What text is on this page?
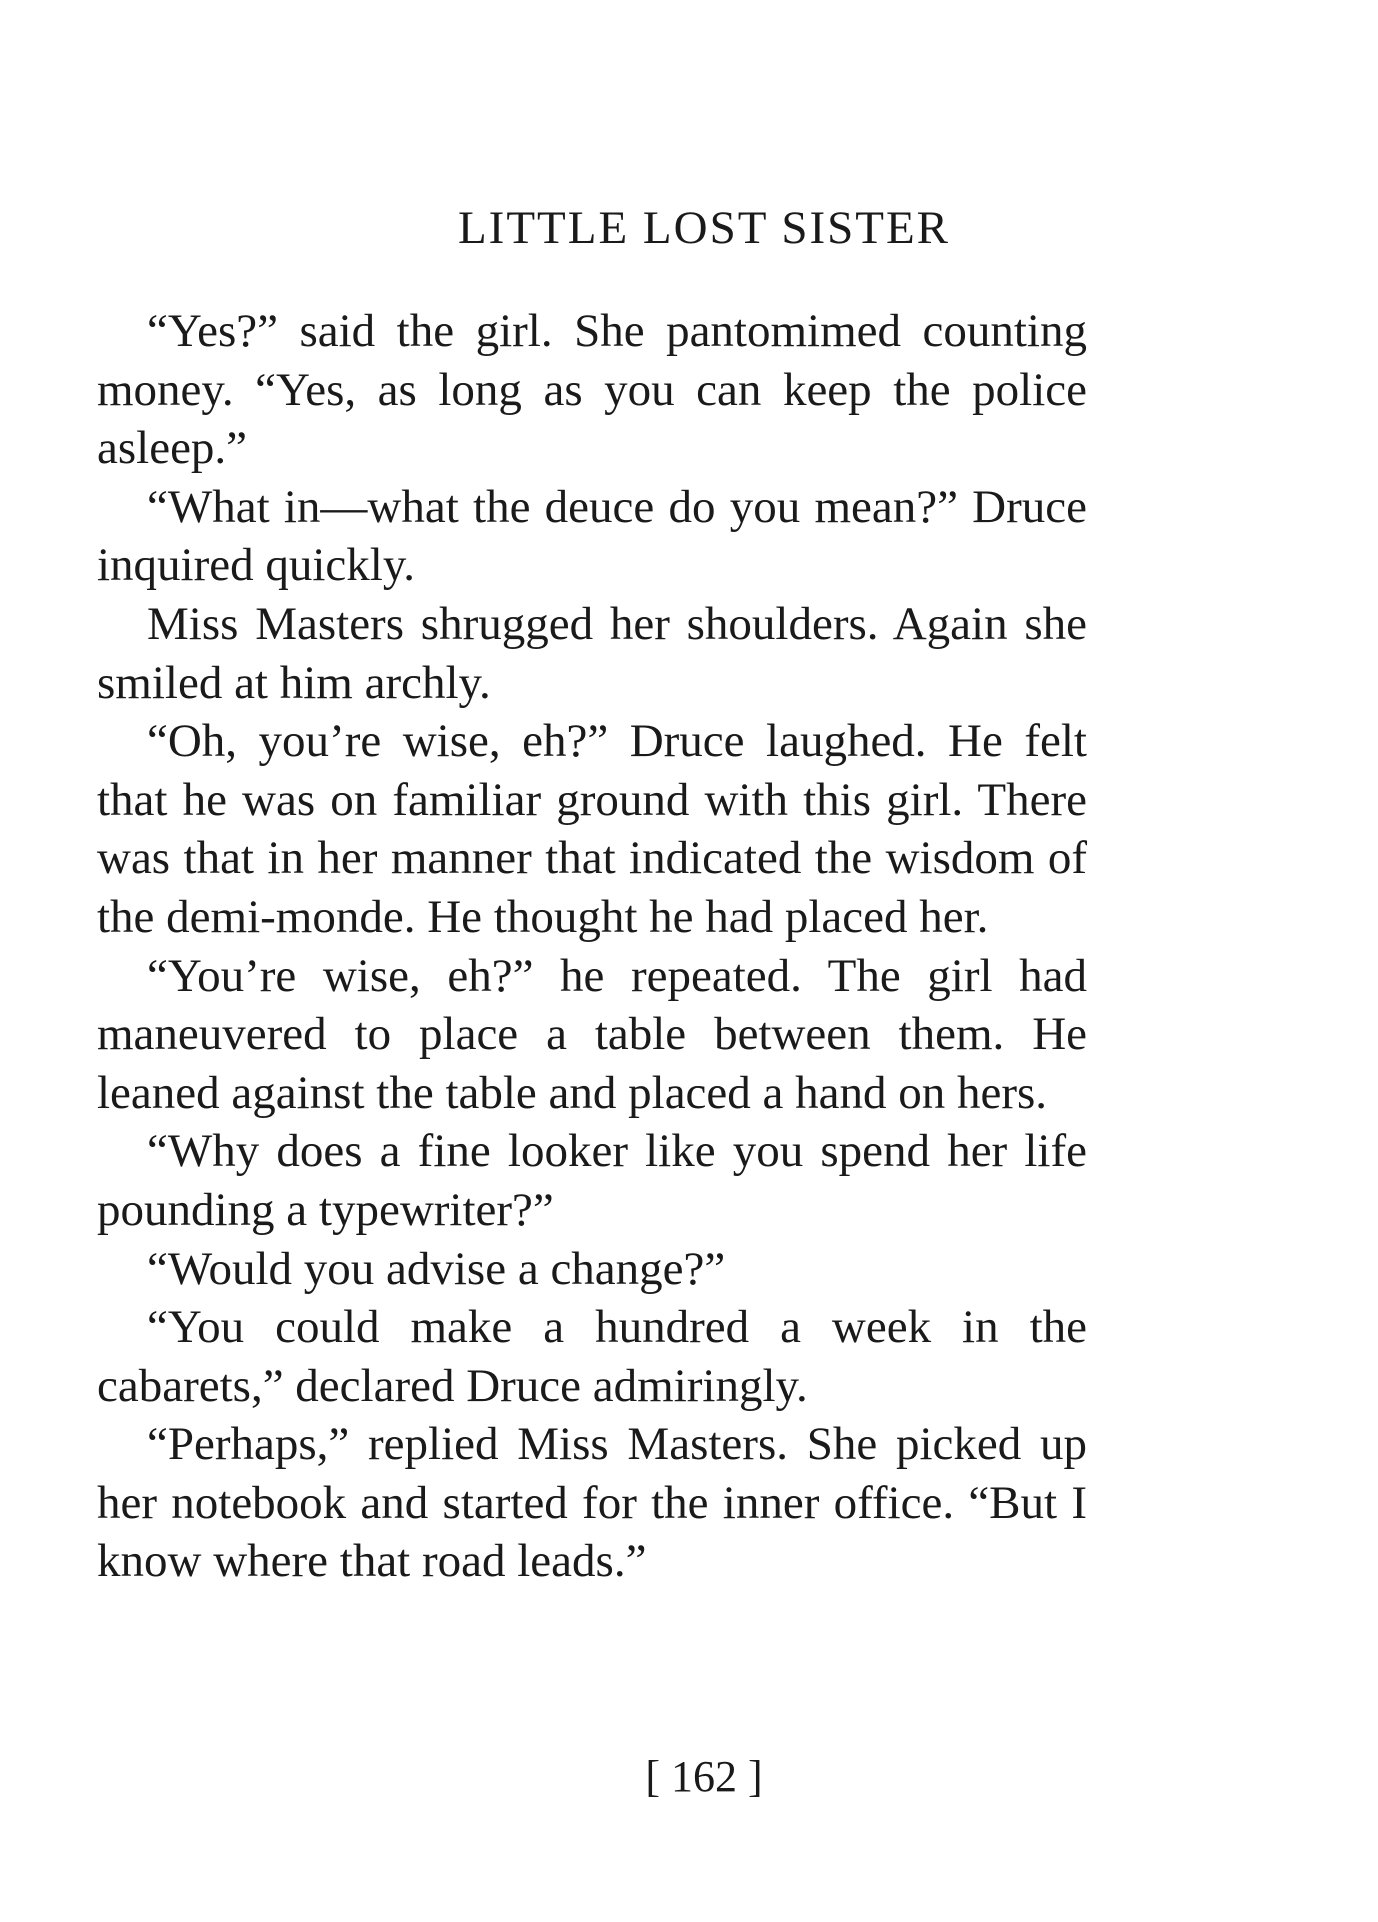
LITTLE LOST SISTER

“Yes?” said the girl. She pantomimed counting money. “Yes, as long as you can keep the police asleep.”

“What in—what the deuce do you mean?” Druce inquired quickly.

Miss Masters shrugged her shoulders. Again she smiled at him archly.

“Oh, you’re wise, eh?” Druce laughed. He felt that he was on familiar ground with this girl. There was that in her manner that indicated the wisdom of the demi-monde. He thought he had placed her.

“You’re wise, eh?” he repeated. The girl had maneuvered to place a table between them. He leaned against the table and placed a hand on hers.

“Why does a fine looker like you spend her life pounding a typewriter?”

“Would you advise a change?”

“You could make a hundred a week in the cabarets,” declared Druce admiringly.

“Perhaps,” replied Miss Masters. She picked up her notebook and started for the inner office. “But I know where that road leads.”

[ 162 ]
